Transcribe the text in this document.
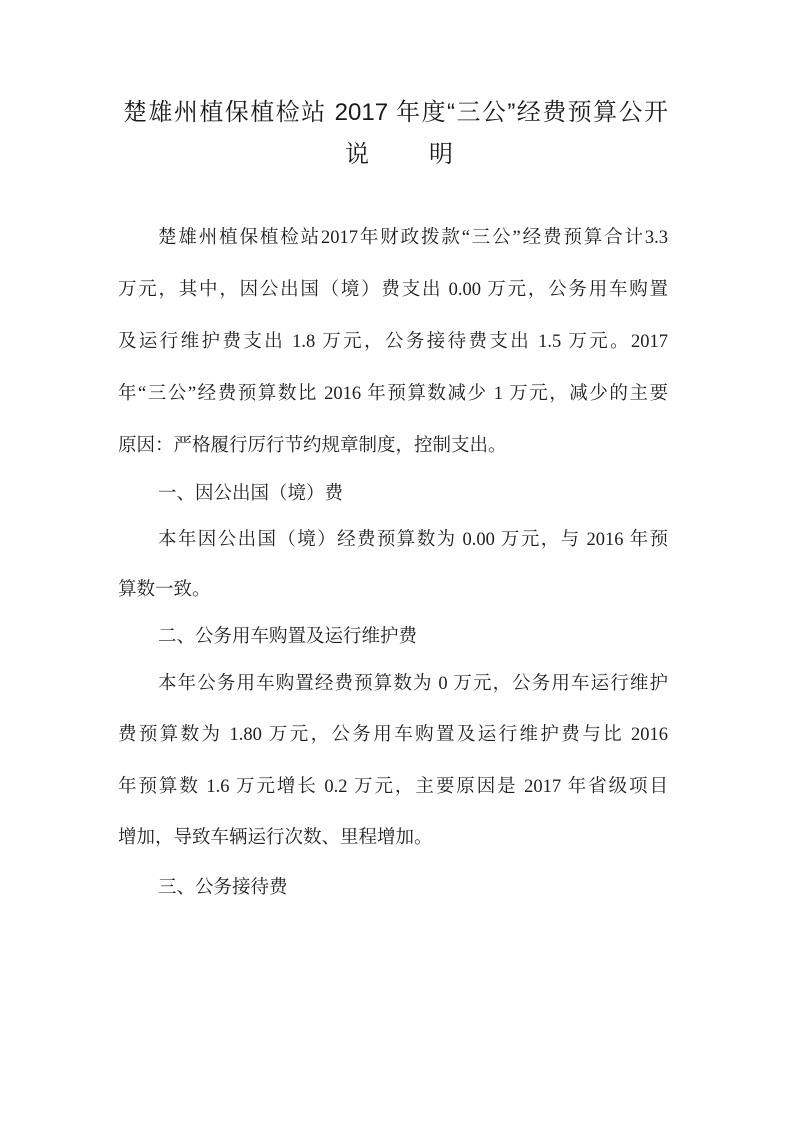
楚雄州植保植检站 2017 年度“三公”经费预算公开
说　　明
楚雄州植保植检站2017年财政拨款“三公”经费预算合计3.3
万元，其中，因公出国（境）费支出 0.00 万元，公务用车购置
及运行维护费支出 1.8 万元，公务接待费支出 1.5 万元。2017
年“三公”经费预算数比 2016 年预算数减少 1 万元，减少的主要
原因：严格履行厉行节约规章制度，控制支出。
一、因公出国（境）费
本年因公出国（境）经费预算数为 0.00 万元，与 2016 年预
算数一致。
二、公务用车购置及运行维护费
本年公务用车购置经费预算数为 0 万元，公务用车运行维护
费预算数为 1.80 万元，公务用车购置及运行维护费与比 2016
年预算数 1.6 万元增长 0.2 万元，主要原因是 2017 年省级项目
增加，导致车辆运行次数、里程增加。
三、公务接待费
